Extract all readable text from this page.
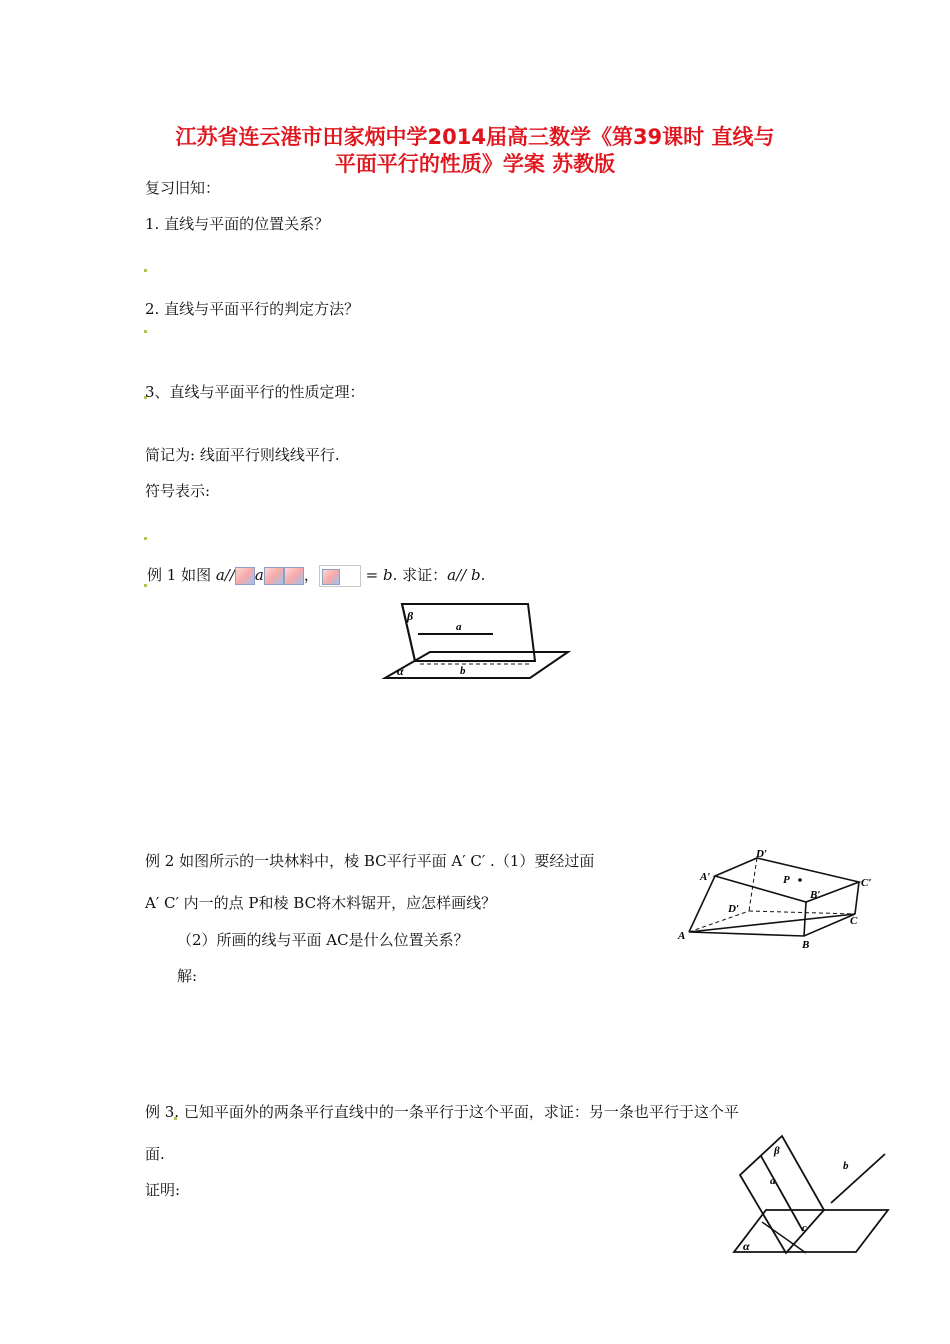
江苏省连云港市田家炳中学2014届高三数学《第39课时 直线与
平面平行的性质》学案 苏教版
复习旧知：
1. 直线与平面的位置关系？
2. 直线与平面平行的判定方法？
3、直线与平面平行的性质定理：
简记为: 线面平行则线线平行.
符号表示:
例 1 如图 a// a	，	= b. 求证：a// b.
β
a
α	b
例 2 如图所示的一块林料中，棱 BC平行平面 A′ C′ .（1）要经过面
A′ C′ 内一的点 P和棱 BC将木料锯开，应怎样画线？
（2）所画的线与平面 AC是什么位置关系？
解:
D′
A′	P
B′
C′
D′
C
A
B
例 3. 已知平面外的两条平行直线中的一条平行于这个平面，求证：另一条也平行于这个平
面.
证明:
β
a
b
c
α
